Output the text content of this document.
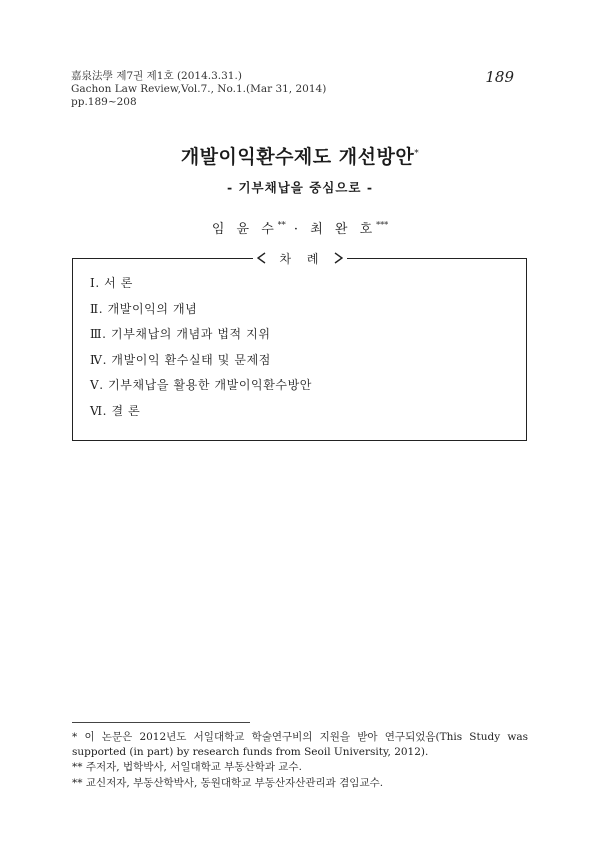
嘉泉法學 제7권 제1호 (2014.3.31.)
Gachon Law Review,Vol.7., No.1.(Mar 31, 2014)
pp.189~208
189
개발이익환수제도 개선방안*
- 기부채납을 중심으로 -
임 윤 수** · 최 완 호***
차 례
Ⅰ. 서 론
Ⅱ. 개발이익의 개념
Ⅲ. 기부채납의 개념과 법적 지위
Ⅳ. 개발이익 환수실태 및 문제점
Ⅴ. 기부채납을 활용한 개발이익환수방안
Ⅵ. 결 론

* 이 논문은 2012년도 서일대학교 학술연구비의 지원을 받아 연구되었음(This Study was supported (in part) by research funds from Seoil University, 2012).

** 주저자, 법학박사, 서일대학교 부동산학과 교수.

** 교신저자, 부동산학박사, 동원대학교 부동산자산관리과 겸임교수.
